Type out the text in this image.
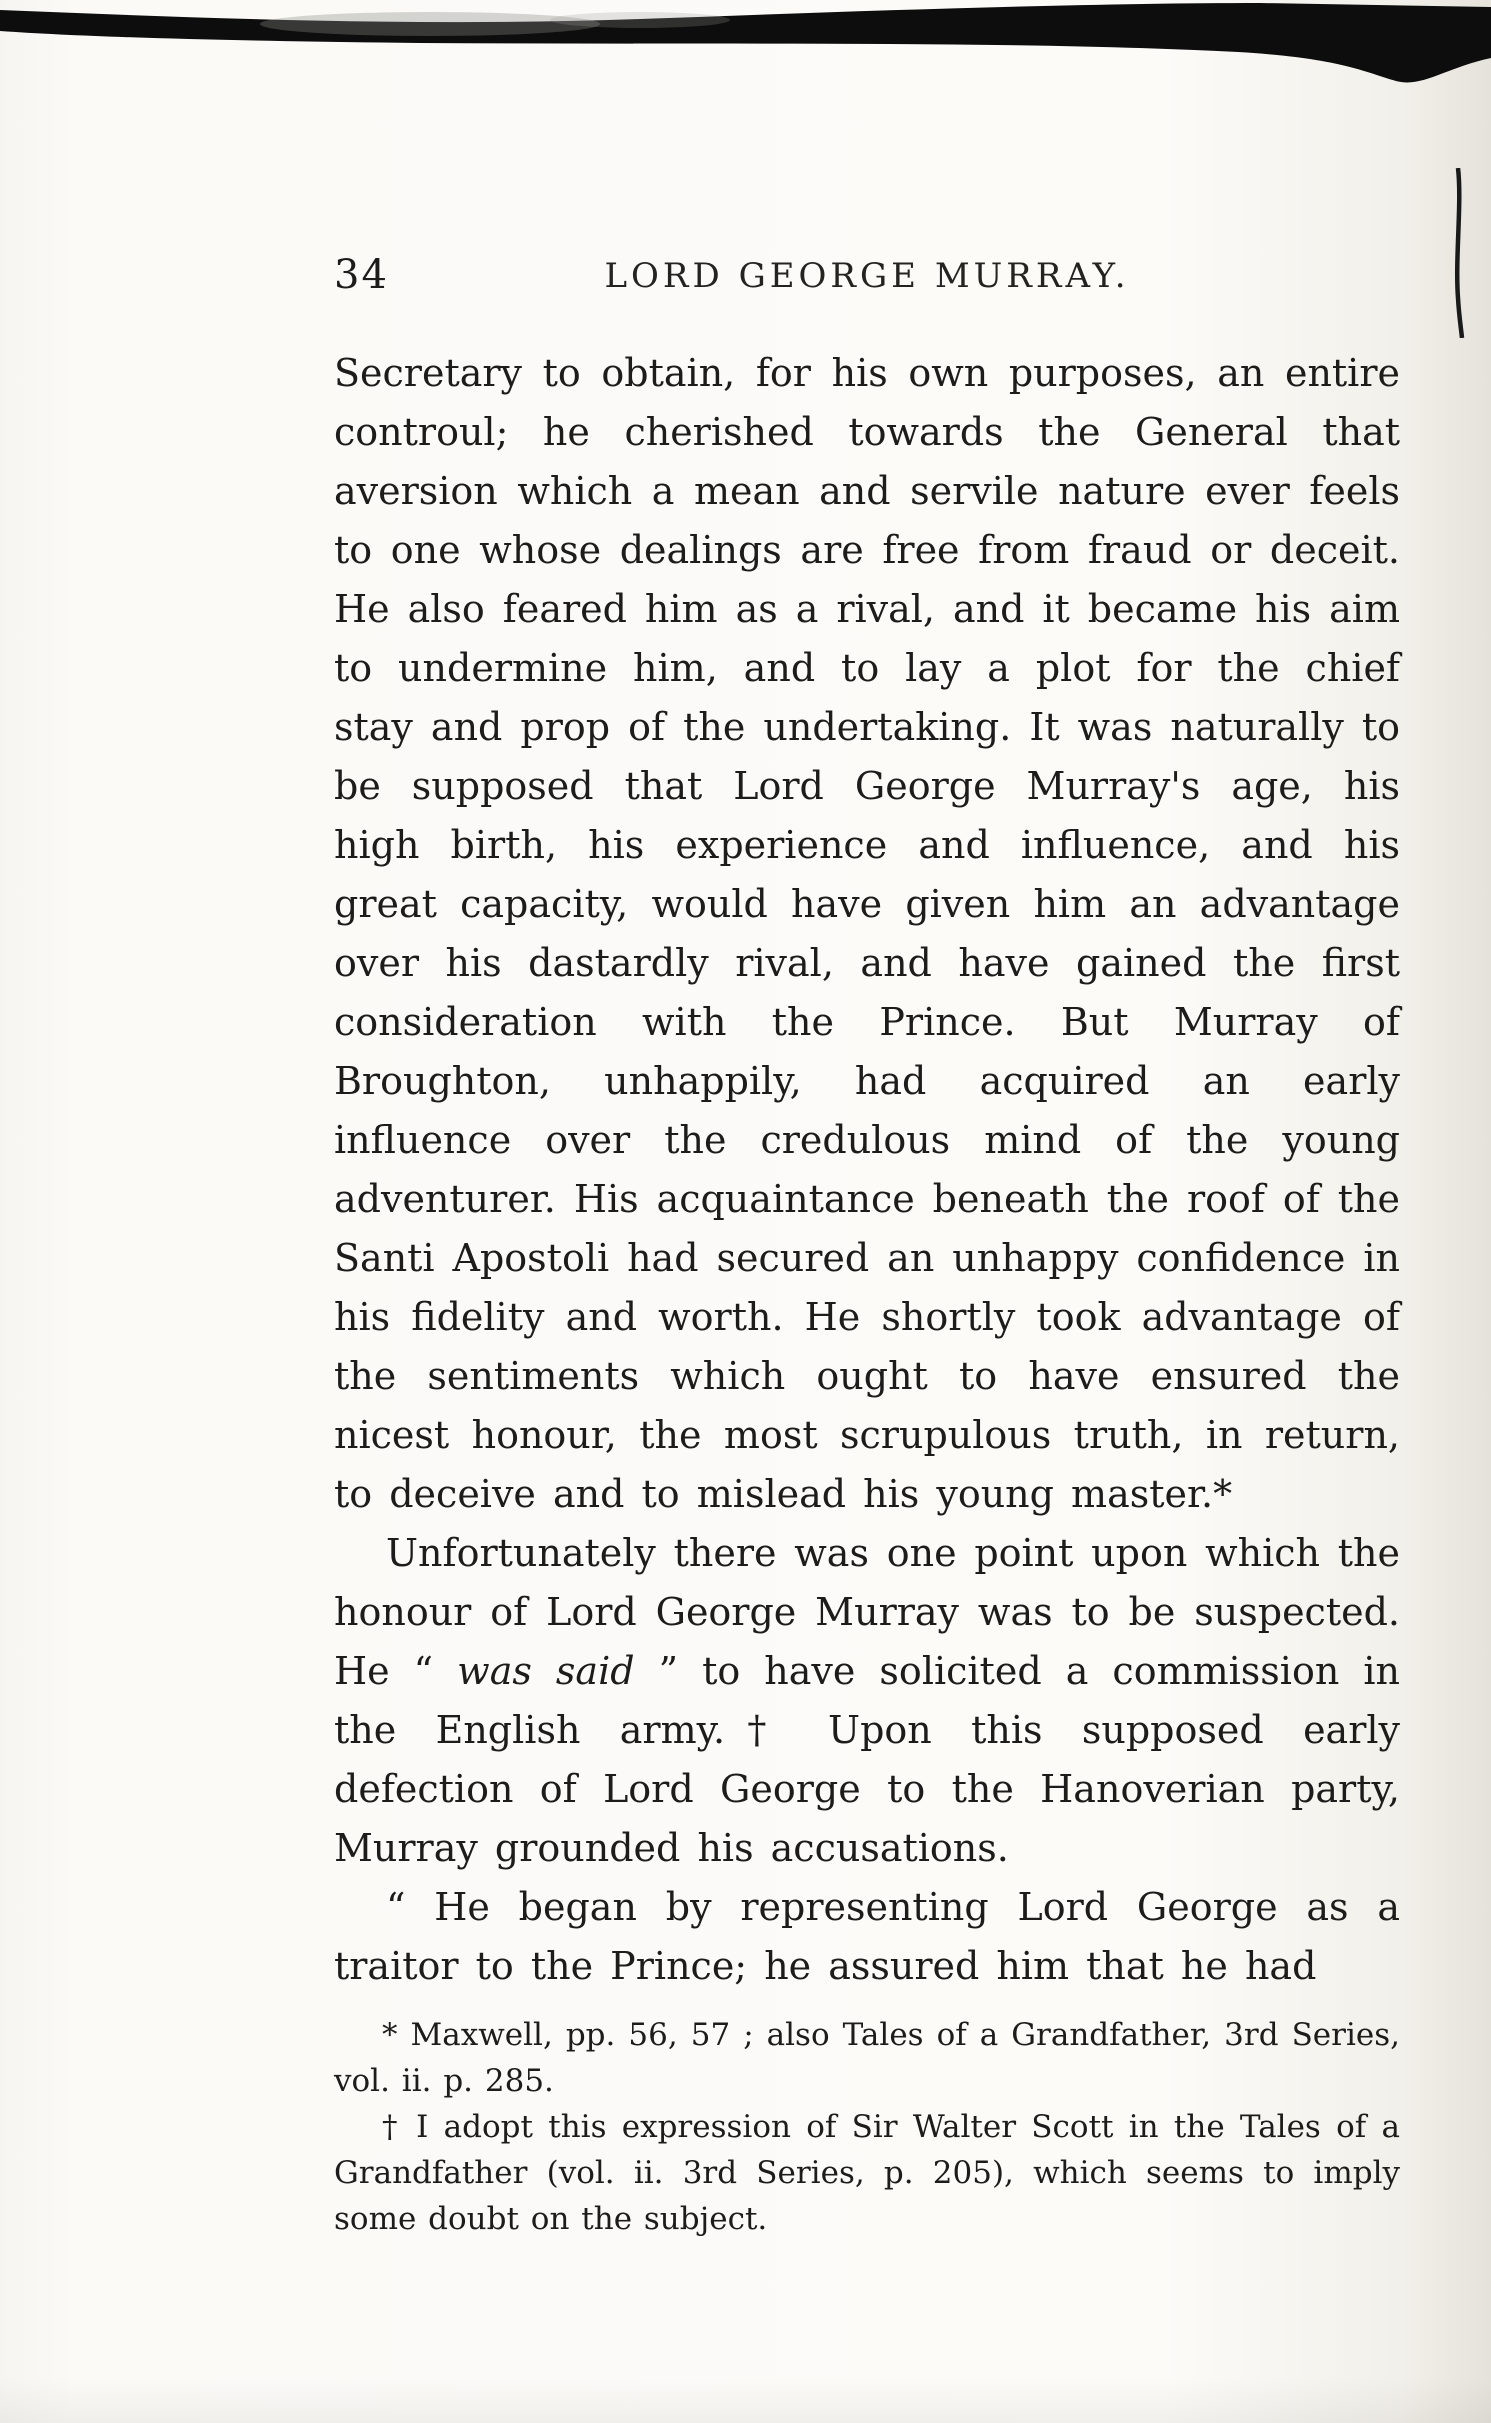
34	LORD GEORGE MURRAY.

Secretary to obtain, for his own purposes, an entire controul; he cherished towards the General that aversion which a mean and servile nature ever feels to one whose dealings are free from fraud or deceit. He also feared him as a rival, and it became his aim to undermine him, and to lay a plot for the chief stay and prop of the undertaking. It was naturally to be supposed that Lord George Murray's age, his high birth, his experience and influence, and his great capacity, would have given him an advantage over his dastardly rival, and have gained the first consideration with the Prince. But Murray of Broughton, unhappily, had acquired an early influence over the credulous mind of the young adventurer. His acquaintance beneath the roof of the Santi Apostoli had secured an unhappy confidence in his fidelity and worth. He shortly took advantage of the sentiments which ought to have ensured the nicest honour, the most scrupulous truth, in return, to deceive and to mislead his young master.*

Unfortunately there was one point upon which the honour of Lord George Murray was to be suspected. He “ was said ” to have solicited a commission in the English army.† Upon this supposed early defection of Lord George to the Hanoverian party, Murray grounded his accusations.

“ He began by representing Lord George as a traitor to the Prince; he assured him that he had

* Maxwell, pp. 56, 57 ; also Tales of a Grandfather, 3rd Series, vol. ii. p. 285.

† I adopt this expression of Sir Walter Scott in the Tales of a Grandfather (vol. ii. 3rd Series, p. 205), which seems to imply some doubt on the subject.
